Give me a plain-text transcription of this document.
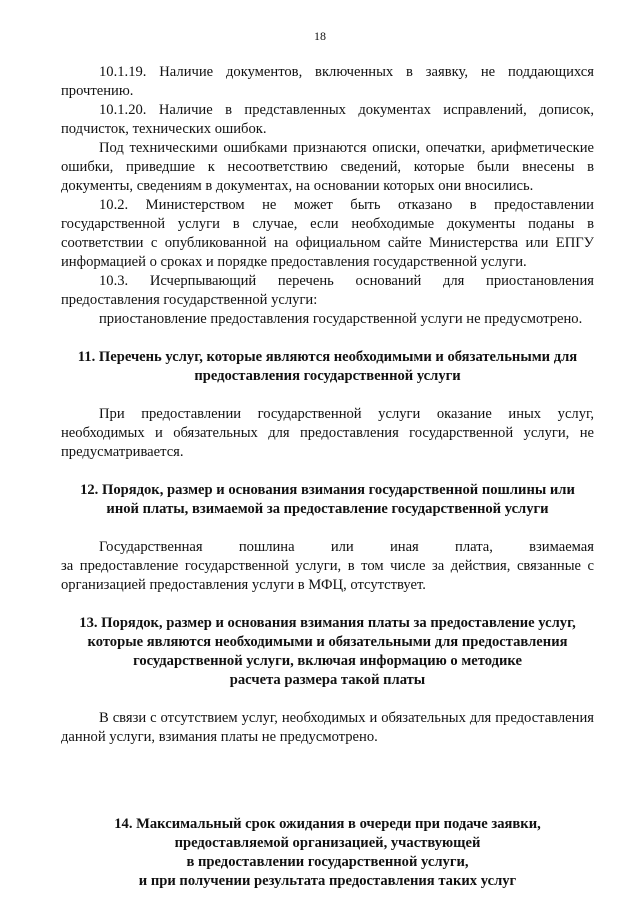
18

10.1.19. Наличие документов, включенных в заявку, не поддающихся прочтению.

10.1.20. Наличие в представленных документах исправлений, дописок, подчисток, технических ошибок.

Под техническими ошибками признаются описки, опечатки, арифметические ошибки, приведшие к несоответствию сведений, которые были внесены в документы, сведениям в документах, на основании которых они вносились.

10.2. Министерством не может быть отказано в предоставлении государственной услуги в случае, если необходимые документы поданы в соответствии с опубликованной на официальном сайте Министерства или ЕПГУ информацией о сроках и порядке предоставления государственной услуги.

10.3. Исчерпывающий перечень оснований для приостановления предоставления государственной услуги:

приостановление предоставления государственной услуги не предусмотрено.

11. Перечень услуг, которые являются необходимыми и обязательными для
предоставления государственной услуги

При предоставлении государственной услуги оказание иных услуг, необходимых и обязательных для предоставления государственной услуги, не предусматривается.

12. Порядок, размер и основания взимания государственной пошлины или
иной платы, взимаемой за предоставление государственной услуги

Государственная пошлина или иная плата, взимаемая

за предоставление государственной услуги, в том числе за действия, связанные с организацией предоставления услуги в МФЦ, отсутствует.

13. Порядок, размер и основания взимания платы за предоставление услуг,
которые являются необходимыми и обязательными для предоставления
государственной услуги, включая информацию о методике
расчета размера такой платы

В связи с отсутствием услуг, необходимых и обязательных для предоставления данной услуги, взимания платы не предусмотрено.

14. Максимальный срок ожидания в очереди при подаче заявки,
предоставляемой организацией, участвующей
в предоставлении государственной услуги,
и при получении результата предоставления таких услуг
